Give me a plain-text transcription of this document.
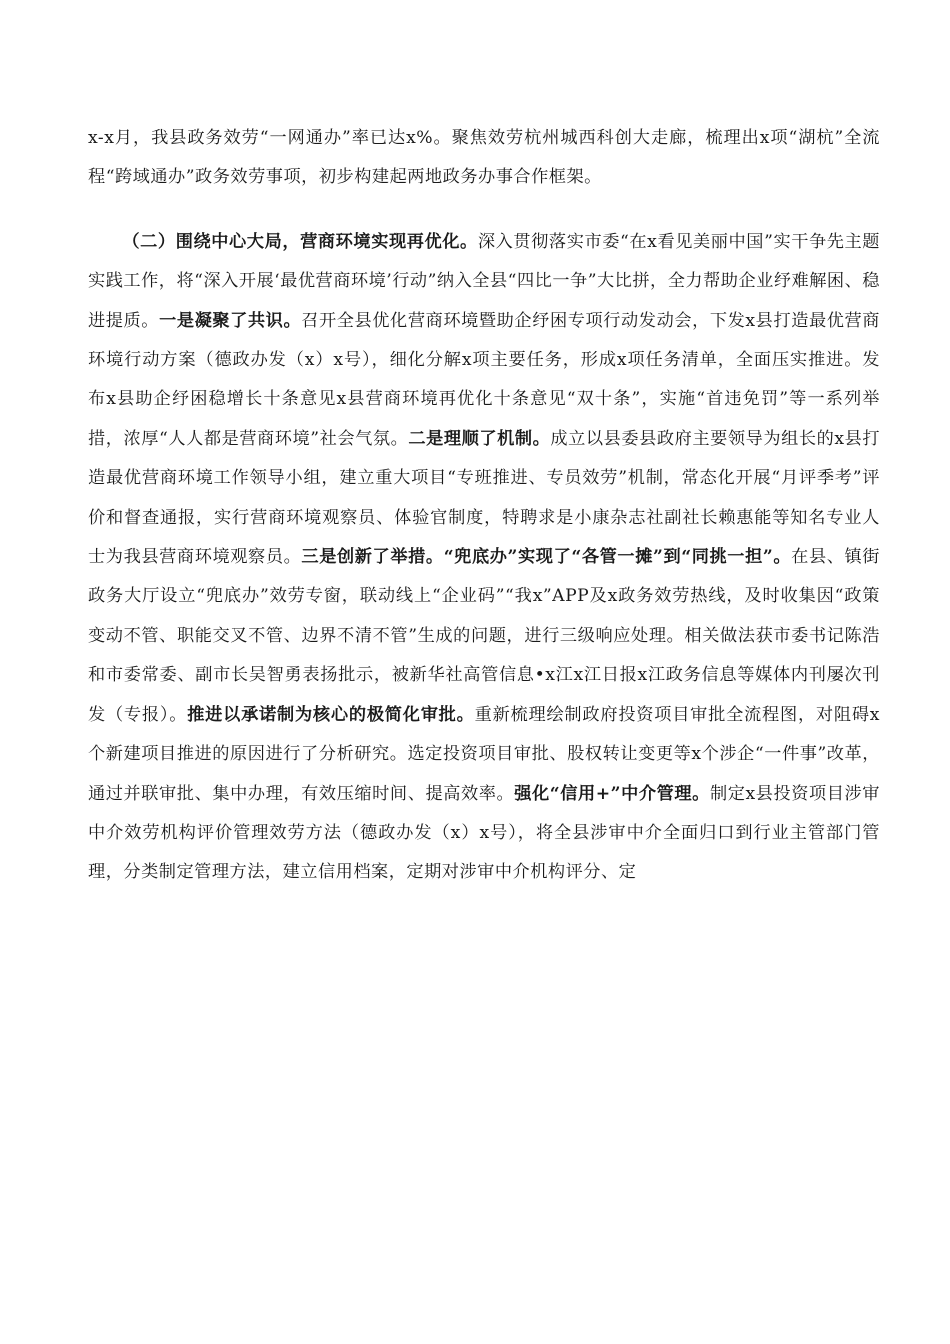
x-x月，我县政务效劳“一网通办”率已达x%。聚焦效劳杭州城西科创大走廊，梳理出x项“湖杭”全流程“跨域通办”政务效劳事项，初步构建起两地政务办事合作框架。

（二）围绕中心大局，营商环境实现再优化。深入贯彻落实市委“在x看见美丽中国”实干争先主题实践工作，将“深入开展‘最优营商环境’行动”纳入全县“四比一争”大比拼，全力帮助企业纾难解困、稳进提质。一是凝聚了共识。召开全县优化营商环境暨助企纾困专项行动发动会，下发x县打造最优营商环境行动方案（德政办发（x）x号），细化分解x项主要任务，形成x项任务清单，全面压实推进。发布x县助企纾困稳增长十条意见x县营商环境再优化十条意见“双十条”，实施“首违免罚”等一系列举措，浓厚“人人都是营商环境”社会气氛。二是理顺了机制。成立以县委县政府主要领导为组长的x县打造最优营商环境工作领导小组，建立重大项目“专班推进、专员效劳”机制，常态化开展“月评季考”评价和督查通报，实行营商环境观察员、体验官制度，特聘求是小康杂志社副社长赖惠能等知名专业人士为我县营商环境观察员。三是创新了举措。“兜底办”实现了“各管一摊”到“同挑一担”。在县、镇街政务大厅设立“兜底办”效劳专窗，联动线上“企业码”“我x”APP及x政务效劳热线，及时收集因“政策变动不管、职能交叉不管、边界不清不管”生成的问题，进行三级响应处理。相关做法获市委书记陈浩和市委常委、副市长吴智勇表扬批示，被新华社高管信息•x江x江日报x江政务信息等媒体内刊屡次刊发（专报）。推进以承诺制为核心的极简化审批。重新梳理绘制政府投资项目审批全流程图，对阻碍x个新建项目推进的原因进行了分析研究。选定投资项目审批、股权转让变更等x个涉企“一件事”改革，通过并联审批、集中办理，有效压缩时间、提高效率。强化“信用+”中介管理。制定x县投资项目涉审中介效劳机构评价管理效劳方法（德政办发（x）x号），将全县涉审中介全面归口到行业主管部门管理，分类制定管理方法，建立信用档案，定期对涉审中介机构评分、定
